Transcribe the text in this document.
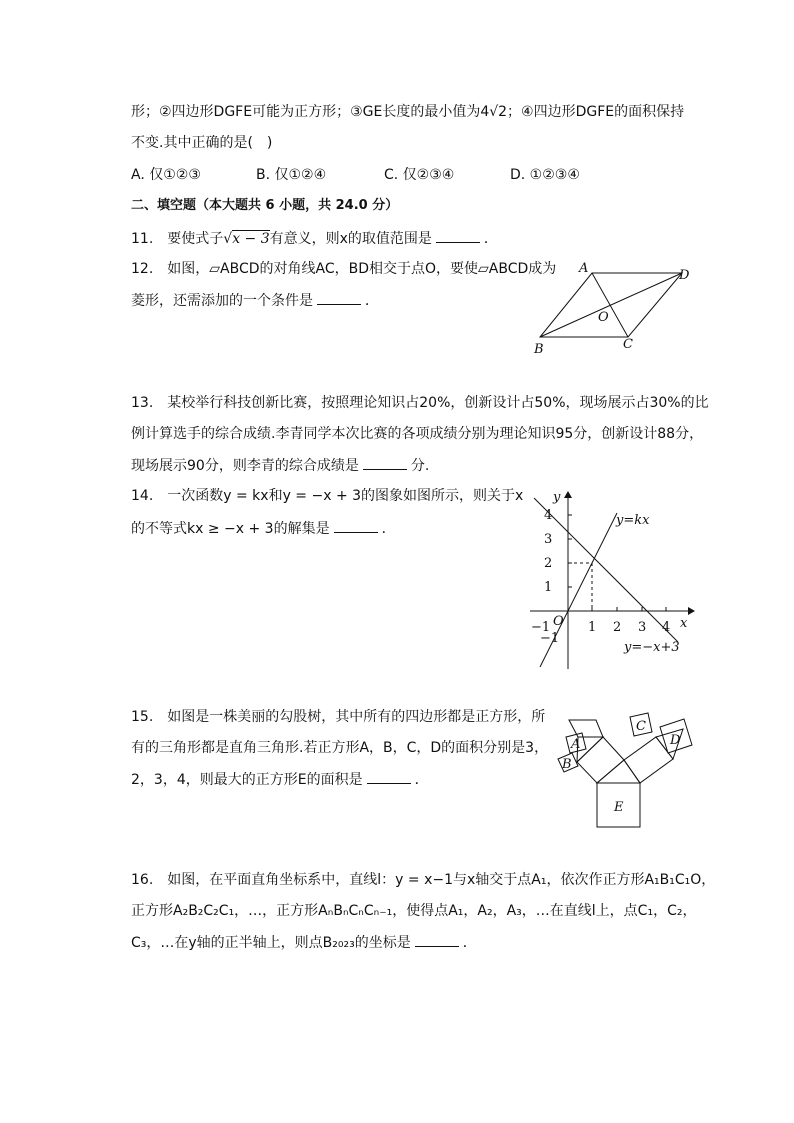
形；②四边形DGFE可能为正方形；③GE长度的最小值为4√2；④四边形DGFE的面积保持
不变.其中正确的是(　)
A. 仅①②③	B. 仅①②④	C. 仅②③④	D. ①②③④
二、填空题（本大题共 6 小题，共 24.0 分）
11.　要使式子√x − 3有意义，则x的取值范围是	．
12.　如图，▱ABCD的对角线AC，BD相交于点O，要使▱ABCD成为
菱形，还需添加的一个条件是	．
A	D
O
B	C
13.　某校举行科技创新比赛，按照理论知识占20%，创新设计占50%，现场展示占30%的比
例计算选手的综合成绩.李青同学本次比赛的各项成绩分别为理论知识95分，创新设计88分，
现场展示90分，则李青的综合成绩是	分.
14.　一次函数y = kx和y = −x + 3的图象如图所示，则关于x
的不等式kx ≥ −x + 3的解集是	．
y
x
O
y=kx
y=−x+3
−1	1 2 3 4
4
3
2
1
−1
15.　如图是一株美丽的勾股树，其中所有的四边形都是正方形，所
有的三角形都是直角三角形.若正方形A，B，C，D的面积分别是3，
2，3，4，则最大的正方形E的面积是	．
A
B
C
D
E
16.　如图，在平面直角坐标系中，直线l：y = x−1与x轴交于点A₁，依次作正方形A₁B₁C₁O，
正方形A₂B₂C₂C₁，…，正方形AₙBₙCₙCₙ₋₁，使得点A₁，A₂，A₃，…在直线l上，点C₁，C₂，
C₃，…在y轴的正半轴上，则点B₂₀₂₃的坐标是	．
